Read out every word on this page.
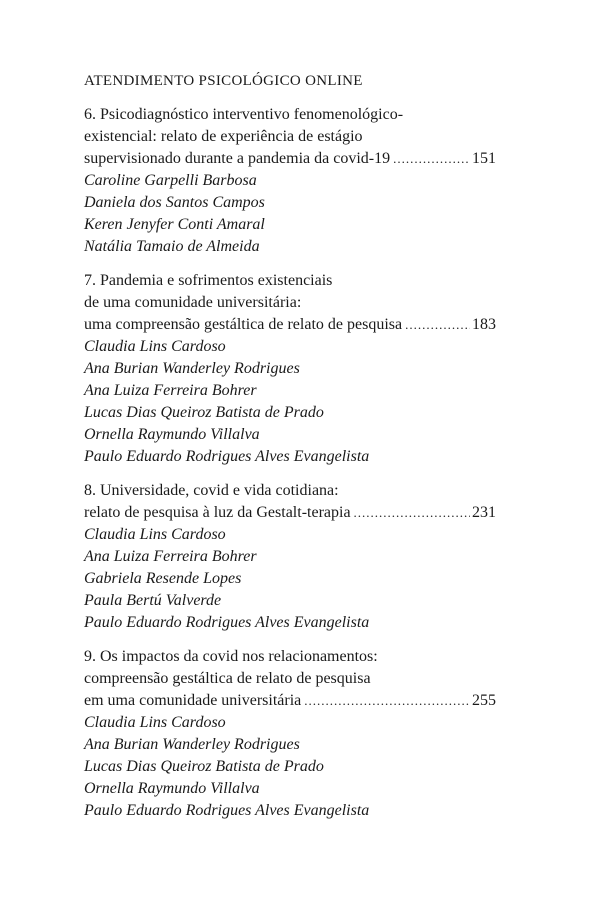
ATENDIMENTO PSICOLÓGICO ONLINE
6. Psicodiagnóstico interventivo fenomenológico-
existencial: relato de experiência de estágio
supervisionado durante a pandemia da covid-19 .....	151
Caroline Garpelli Barbosa
Daniela dos Santos Campos
Keren Jenyfer Conti Amaral
Natália Tamaio de Almeida
7. Pandemia e sofrimentos existenciais
de uma comunidade universitária:
uma compreensão gestáltica de relato de pesquisa .....	183
Claudia Lins Cardoso
Ana Burian Wanderley Rodrigues
Ana Luiza Ferreira Bohrer
Lucas Dias Queiroz Batista de Prado
Ornella Raymundo Villalva
Paulo Eduardo Rodrigues Alves Evangelista
8. Universidade, covid e vida cotidiana:
relato de pesquisa à luz da Gestalt-terapia .....	231
Claudia Lins Cardoso
Ana Luiza Ferreira Bohrer
Gabriela Resende Lopes
Paula Bertú Valverde
Paulo Eduardo Rodrigues Alves Evangelista
9. Os impactos da covid nos relacionamentos:
compreensão gestáltica de relato de pesquisa
em uma comunidade universitária .....	255
Claudia Lins Cardoso
Ana Burian Wanderley Rodrigues
Lucas Dias Queiroz Batista de Prado
Ornella Raymundo Villalva
Paulo Eduardo Rodrigues Alves Evangelista
